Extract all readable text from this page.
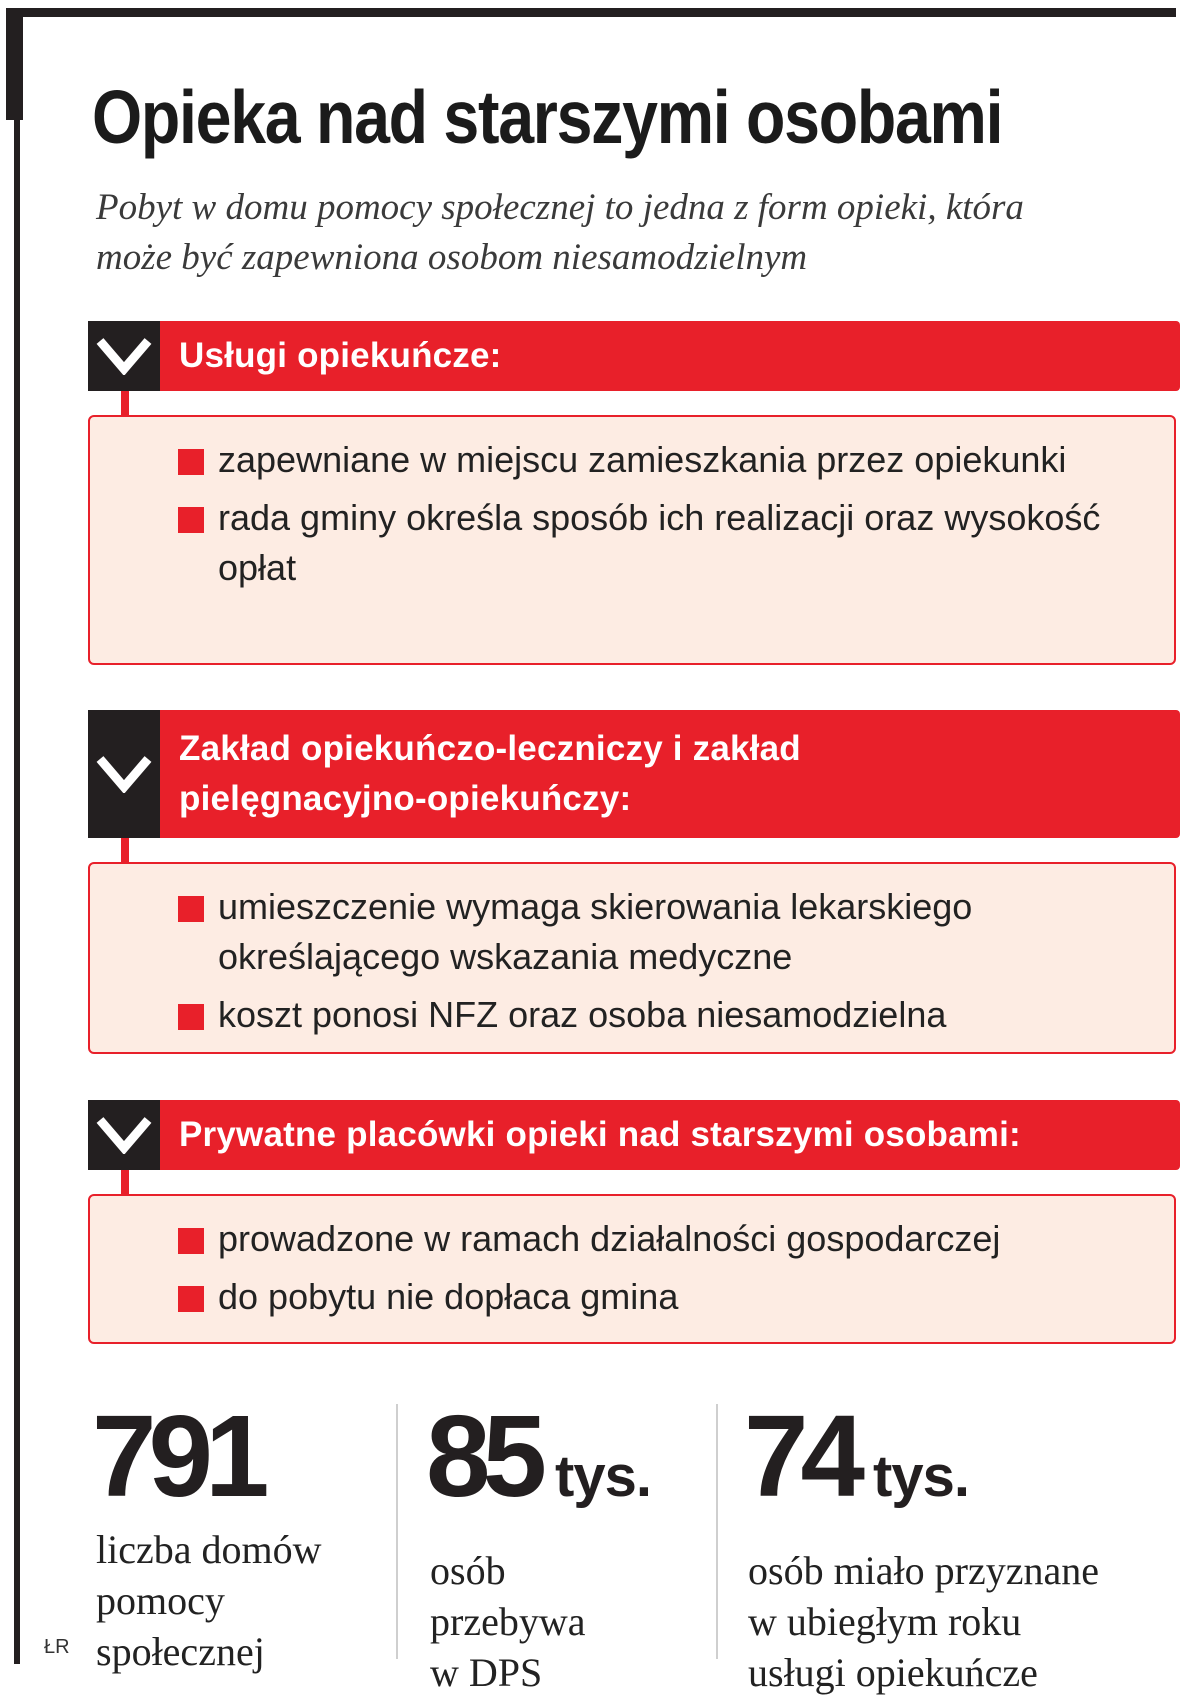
Opieka nad starszymi osobami

Pobyt w domu pomocy społecznej to jedna z form opieki, która może być zapewniona osobom niesamodzielnym

Usługi opiekuńcze:

zapewniane w miejscu zamieszkania przez opiekunki
rada gminy określa sposób ich realizacji oraz wysokość opłat

Zakład opiekuńczo-leczniczy i zakład pielęgnacyjno-opiekuńczy:

umieszczenie wymaga skierowania lekarskiego określającego wskazania medyczne
koszt ponosi NFZ oraz osoba niesamodzielna

Prywatne placówki opieki nad starszymi osobami:

prowadzone w ramach działalności gospodarczej
do pobytu nie dopłaca gmina
791

liczba domów
pomocy
społecznej

85 tys.

osób
przebywa
w DPS

74 tys.

osób miało przyznane
w ubiegłym roku
usługi opiekuńcze

ŁR
